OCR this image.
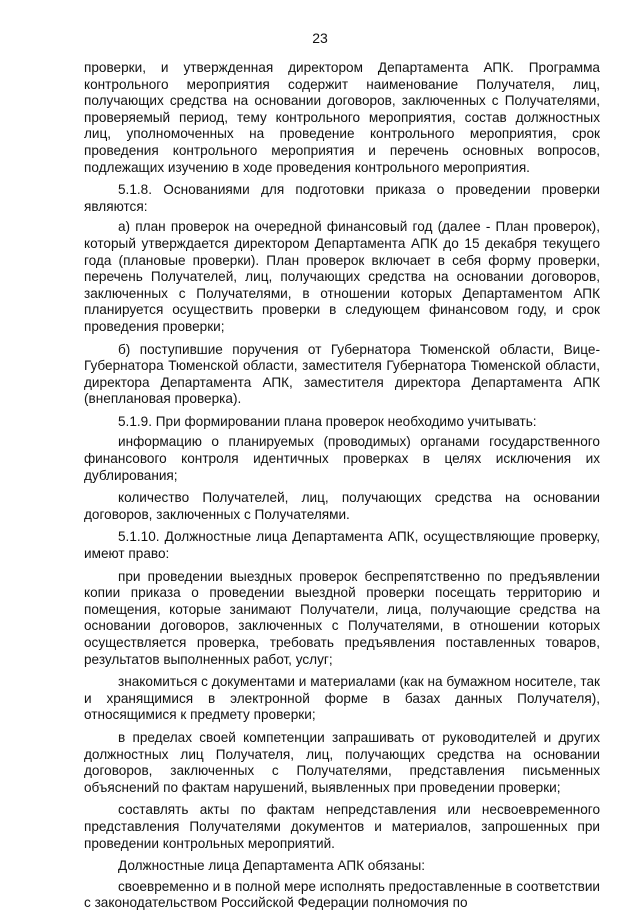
23

проверки, и утвержденная директором Департамента АПК. Программа контрольного мероприятия содержит наименование Получателя, лиц, получающих средства на основании договоров, заключенных с Получателями, проверяемый период, тему контрольного мероприятия, состав должностных лиц, уполномоченных на проведение контрольного мероприятия, срок проведения контрольного мероприятия и перечень основных вопросов, подлежащих изучению в ходе проведения контрольного мероприятия.

5.1.8. Основаниями для подготовки приказа о проведении проверки являются:

а) план проверок на очередной финансовый год (далее - План проверок), который утверждается директором Департамента АПК до 15 декабря текущего года (плановые проверки). План проверок включает в себя форму проверки, перечень Получателей, лиц, получающих средства на основании договоров, заключенных с Получателями, в отношении которых Департаментом АПК планируется осуществить проверки в следующем финансовом году, и срок проведения проверки;

б) поступившие поручения от Губернатора Тюменской области, Вице-Губернатора Тюменской области, заместителя Губернатора Тюменской области, директора Департамента АПК, заместителя директора Департамента АПК (внеплановая проверка).

5.1.9. При формировании плана проверок необходимо учитывать:

информацию о планируемых (проводимых) органами государственного финансового контроля идентичных проверках в целях исключения их дублирования;

количество Получателей, лиц, получающих средства на основании договоров, заключенных с Получателями.

5.1.10. Должностные лица Департамента АПК, осуществляющие проверку, имеют право:

при проведении выездных проверок беспрепятственно по предъявлении копии приказа о проведении выездной проверки посещать территорию и помещения, которые занимают Получатели, лица, получающие средства на основании договоров, заключенных с Получателями, в отношении которых осуществляется проверка, требовать предъявления поставленных товаров, результатов выполненных работ, услуг;

знакомиться с документами и материалами (как на бумажном носителе, так и хранящимися в электронной форме в базах данных Получателя), относящимися к предмету проверки;

в пределах своей компетенции запрашивать от руководителей и других должностных лиц Получателя, лиц, получающих средства на основании договоров, заключенных с Получателями, представления письменных объяснений по фактам нарушений, выявленных при проведении проверки;

составлять акты по фактам непредставления или несвоевременного представления Получателями документов и материалов, запрошенных при проведении контрольных мероприятий.

Должностные лица Департамента АПК обязаны:

своевременно и в полной мере исполнять предоставленные в соответствии с законодательством Российской Федерации полномочия по
